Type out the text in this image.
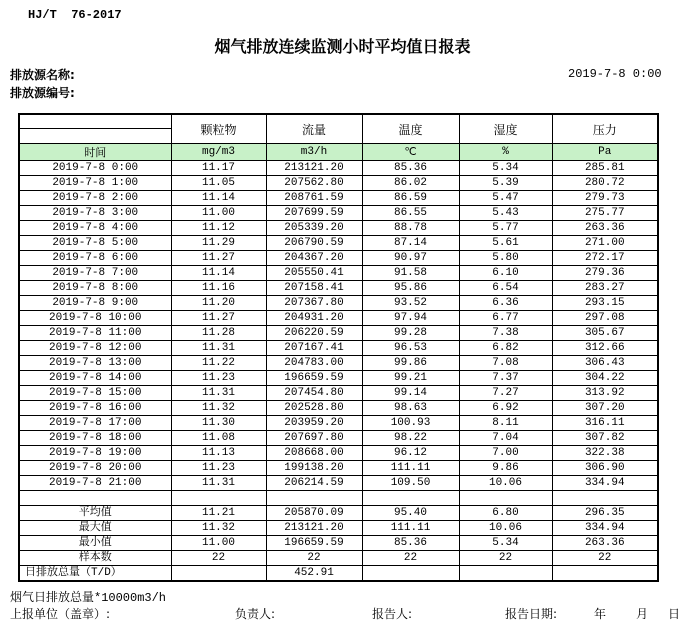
HJ/T  76-2017
烟气排放连续监测小时平均值日报表
排放源名称:
排放源编号:
2019-7-8 0:00
	颗粒物	流量	温度	湿度	压力
时间	mg/m3	m3/h	℃	%	Pa
2019-7-8 0:00	11.17	213121.20	85.36	5.34	285.81
2019-7-8 1:00	11.05	207562.80	86.02	5.39	280.72
2019-7-8 2:00	11.14	208761.59	86.59	5.47	279.73
2019-7-8 3:00	11.00	207699.59	86.55	5.43	275.77
2019-7-8 4:00	11.12	205339.20	88.78	5.77	263.36
2019-7-8 5:00	11.29	206790.59	87.14	5.61	271.00
2019-7-8 6:00	11.27	204367.20	90.97	5.80	272.17
2019-7-8 7:00	11.14	205550.41	91.58	6.10	279.36
2019-7-8 8:00	11.16	207158.41	95.86	6.54	283.27
2019-7-8 9:00	11.20	207367.80	93.52	6.36	293.15
2019-7-8 10:00	11.27	204931.20	97.94	6.77	297.08
2019-7-8 11:00	11.28	206220.59	99.28	7.38	305.67
2019-7-8 12:00	11.31	207167.41	96.53	6.82	312.66
2019-7-8 13:00	11.22	204783.00	99.86	7.08	306.43
2019-7-8 14:00	11.23	196659.59	99.21	7.37	304.22
2019-7-8 15:00	11.31	207454.80	99.14	7.27	313.92
2019-7-8 16:00	11.32	202528.80	98.63	6.92	307.20
2019-7-8 17:00	11.30	203959.20	100.93	8.11	316.11
2019-7-8 18:00	11.08	207697.80	98.22	7.04	307.82
2019-7-8 19:00	11.13	208668.00	96.12	7.00	322.38
2019-7-8 20:00	11.23	199138.20	111.11	9.86	306.90
2019-7-8 21:00	11.31	206214.59	109.50	10.06	334.94

平均值	11.21	205870.09	95.40	6.80	296.35
最大值	11.32	213121.20	111.11	10.06	334.94
最小值	11.00	196659.59	85.36	5.34	263.36
样本数	22	22	22	22	22
日排放总量（T/D）		452.91			
烟气日排放总量*10000m3/h
上报单位（盖章）:	负责人:	报告人:	报告日期:	年 月 日
